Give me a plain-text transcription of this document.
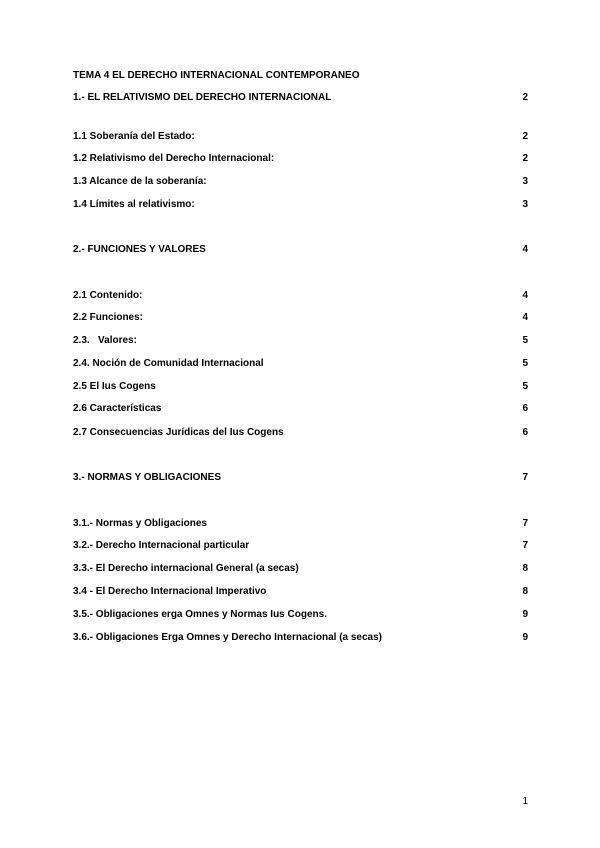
TEMA 4 EL DERECHO INTERNACIONAL CONTEMPORANEO
1.- EL RELATIVISMO DEL DERECHO INTERNACIONAL	2
1.1 Soberanía del Estado:	2
1.2 Relativismo del Derecho Internacional:	2
1.3 Alcance de la soberanía:	3
1.4 Límites al relativismo:	3
2.- FUNCIONES Y VALORES	4
2.1 Contenido:	4
2.2 Funciones:	4
2.3.   Valores:	5
2.4. Noción de Comunidad Internacional	5
2.5 El Ius Cogens	5
2.6 Características	6
2.7 Consecuencias Jurídicas del Ius Cogens	6
3.- NORMAS Y OBLIGACIONES	7
3.1.- Normas y Obligaciones	7
3.2.- Derecho Internacional particular	7
3.3.- El Derecho internacional General (a secas)	8
3.4 - El Derecho Internacional Imperativo	8
3.5.- Obligaciones erga Omnes y Normas Ius Cogens.	9
3.6.- Obligaciones Erga Omnes y Derecho Internacional (a secas)	9
1
